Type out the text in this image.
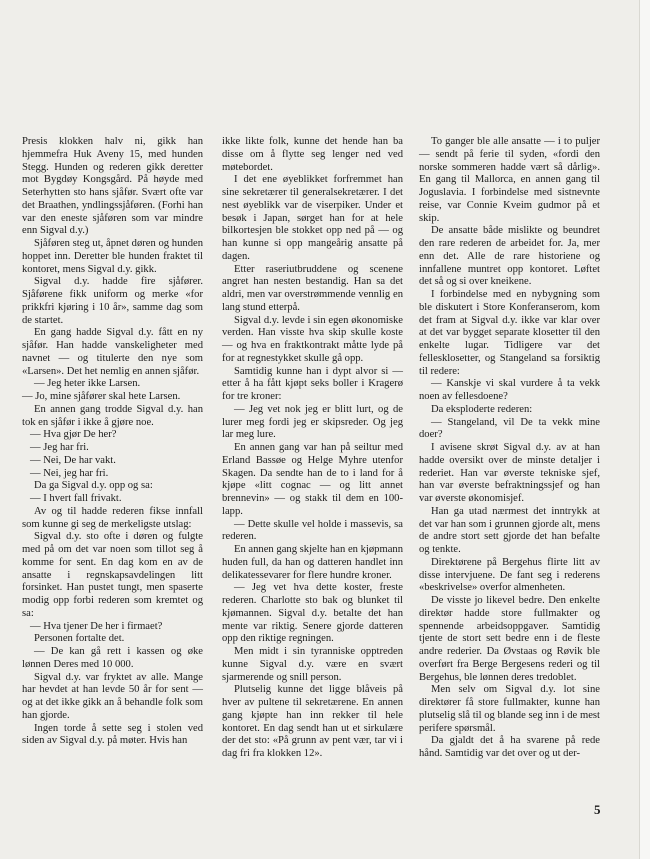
Presis klokken halv ni, gikk han hjemmefra Huk Aveny 15, med hunden Stegg. Hunden og rederen gikk deretter mot Bygdøy Kongsgård. På høyde med Seterhytten sto hans sjåfør. Svært ofte var det Braathen, yndlingssjåføren. (Forhi han var den eneste sjåføren som var mindre enn Sigval d.y.)

Sjåføren steg ut, åpnet døren og hunden hoppet inn. Deretter ble hunden fraktet til kontoret, mens Sigval d.y. gikk.

Sigval d.y. hadde fire sjåfører. Sjåførene fikk uniform og merke «for prikkfri kjøring i 10 år», samme dag som de startet.

En gang hadde Sigval d.y. fått en ny sjåfør. Han hadde vanskeligheter med navnet — og titulerte den nye som «Larsen». Det het nemlig en annen sjåfør.

— Jeg heter ikke Larsen.

— Jo, mine sjåfører skal hete Larsen.

En annen gang trodde Sigval d.y. han tok en sjåfør i ikke å gjøre noe.

— Hva gjør De her?

— Jeg har fri.

— Nei, De har vakt.

— Nei, jeg har fri.

Da ga Sigval d.y. opp og sa:

— I hvert fall frivakt.

Av og til hadde rederen fikse innfall som kunne gi seg de merkeligste utslag:

Sigval d.y. sto ofte i døren og fulgte med på om det var noen som tillot seg å komme for sent. En dag kom en av de ansatte i regnskapsavdelingen litt forsinket. Han pustet tungt, men spaserte modig opp forbi rederen som kremtet og sa:

— Hva tjener De her i firmaet?

Personen fortalte det.

— De kan gå rett i kassen og øke lønnen Deres med 10 000.

Sigval d.y. var fryktet av alle. Mange har hevdet at han levde 50 år for sent — og at det ikke gikk an å behandle folk som han gjorde.

Ingen torde å sette seg i stolen ved siden av Sigval d.y. på møter. Hvis han

ikke likte folk, kunne det hende han ba disse om å flytte seg lenger ned ved møtebordet.

I det ene øyeblikket forfremmet han sine sekretærer til generalsekretærer. I det nest øyeblikk var de viserpiker. Under et besøk i Japan, sørget han for at hele bilkortesjen ble stokket opp ned på — og han kunne si opp mangeårig ansatte på dagen.

Etter raseriutbruddene og scenene angret han nesten bestandig. Han sa det aldri, men var overstrømmende vennlig en lang stund etterpå.

Sigval d.y. levde i sin egen økonomiske verden. Han visste hva skip skulle koste — og hva en fraktkontrakt måtte lyde på for at regnestykket skulle gå opp.

Samtidig kunne han i dypt alvor si — etter å ha fått kjøpt seks boller i Kragerø for tre kroner:

— Jeg vet nok jeg er blitt lurt, og de lurer meg fordi jeg er skipsreder. Og jeg lar meg lure.

En annen gang var han på seiltur med Erland Bassøe og Helge Myhre utenfor Skagen. Da sendte han de to i land for å kjøpe «litt cognac — og litt annet brennevin» — og stakk til dem en 100-lapp.

— Dette skulle vel holde i massevis, sa rederen.

En annen gang skjelte han en kjøpmann huden full, da han og datteren handlet inn delikatessevarer for flere hundre kroner.

— Jeg vet hva dette koster, freste rederen. Charlotte sto bak og blunket til kjømannen. Sigval d.y. betalte det han mente var riktig. Senere gjorde datteren opp den riktige regningen.

Men midt i sin tyranniske opptreden kunne Sigval d.y. være en svært sjarmerende og snill person.

Plutselig kunne det ligge blåveis på hver av pultene til sekretærene. En annen gang kjøpte han inn rekker til hele kontoret. En dag sendt han ut et sirkulære der det sto: «På grunn av pent vær, tar vi i dag fri fra klokken 12».

To ganger ble alle ansatte — i to puljer — sendt på ferie til syden, «fordi den norske sommeren hadde vært så dårlig». En gang til Mallorca, en annen gang til Joguslavia. I forbindelse med sistnevnte reise, var Connie Kveim gudmor på et skip.

De ansatte både mislikte og beundret den rare rederen de arbeidet for. Ja, mer enn det. Alle de rare historiene og innfallene muntret opp kontoret. Løftet det så og si over kneikene.

I forbindelse med en nybygning som ble diskutert i Store Konferanserom, kom det fram at Sigval d.y. ikke var klar over at det var bygget separate klosetter til den enkelte lugar. Tidligere var det fellesklosetter, og Stangeland sa forsiktig til redere:

— Kanskje vi skal vurdere å ta vekk noen av fellesdoene?

Da eksploderte rederen:

— Stangeland, vil De ta vekk mine doer?

I avisene skrøt Sigval d.y. av at han hadde oversikt over de minste detaljer i rederiet. Han var øverste tekniske sjef, han var øverste befraktningssjef og han var øverste økonomisjef.

Han ga utad nærmest det inntrykk at det var han som i grunnen gjorde alt, mens de andre stort sett gjorde det han befalte og tenkte.

Direktørene på Bergehus flirte litt av disse intervjuene. De fant seg i rederens «beskrivelse» overfor almenheten.

De visste jo likevel bedre. Den enkelte direktør hadde store fullmakter og spennende arbeidsoppgaver. Samtidig tjente de stort sett bedre enn i de fleste andre rederier. Da Øvstaas og Røvik ble overført fra Berge Bergesens rederi og til Bergehus, ble lønnen deres tredoblet.

Men selv om Sigval d.y. lot sine direktører få store fullmakter, kunne han plutselig slå til og blande seg inn i de mest perifere spørsmål.

Da gjaldt det å ha svarene på rede hånd. Samtidig var det over og ut der-

5
